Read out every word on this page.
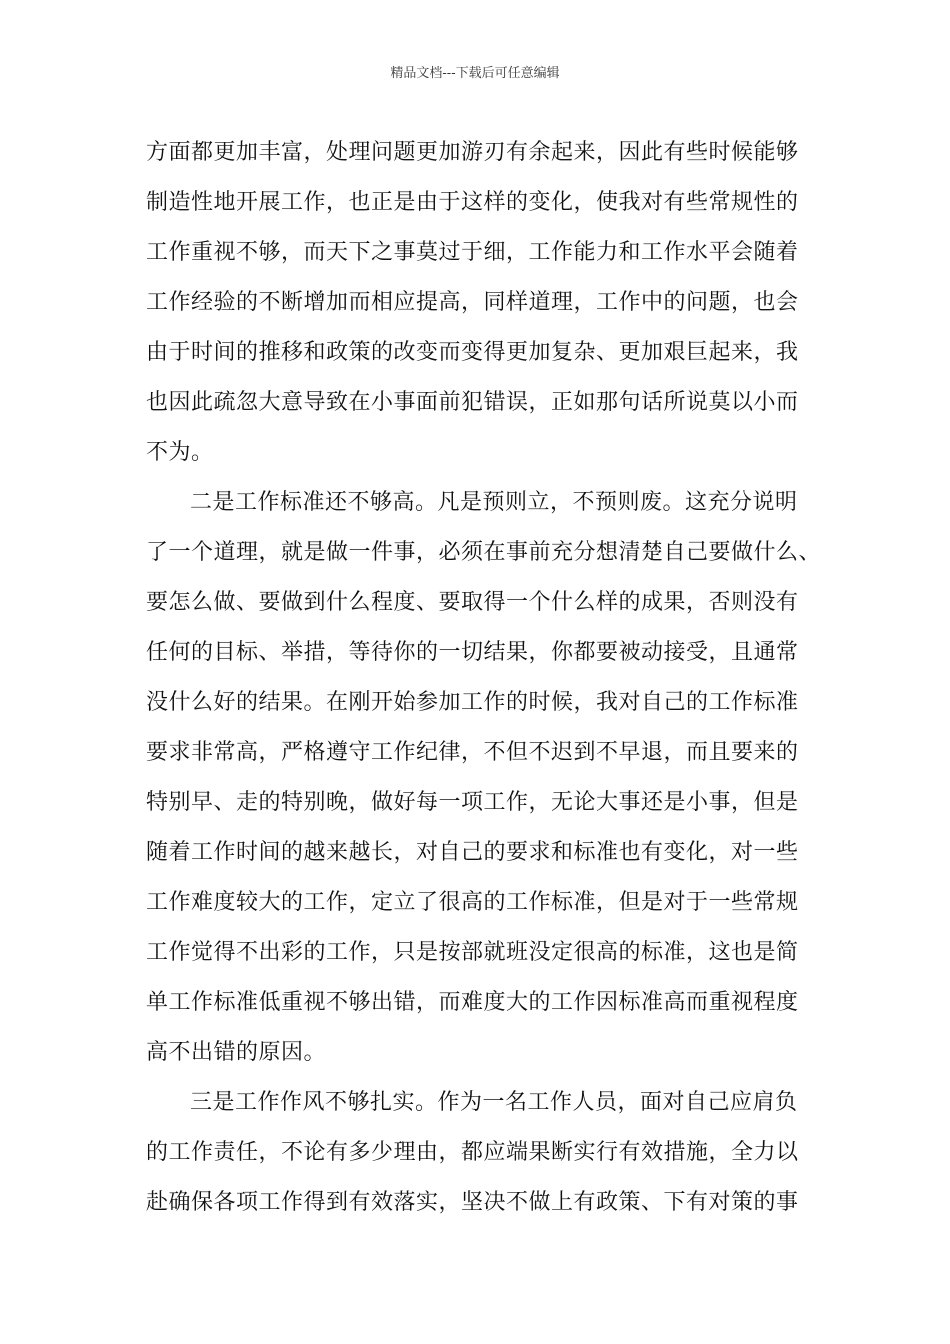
精品文档---下载后可任意编辑
方面都更加丰富，处理问题更加游刃有余起来，因此有些时候能够
制造性地开展工作，也正是由于这样的变化，使我对有些常规性的
工作重视不够，而天下之事莫过于细，工作能力和工作水平会随着
工作经验的不断增加而相应提高，同样道理，工作中的问题，也会
由于时间的推移和政策的改变而变得更加复杂、更加艰巨起来，我
也因此疏忽大意导致在小事面前犯错误，正如那句话所说莫以小而
不为。
二是工作标准还不够高。凡是预则立，不预则废。这充分说明
了一个道理，就是做一件事，必须在事前充分想清楚自己要做什么、
要怎么做、要做到什么程度、要取得一个什么样的成果，否则没有
任何的目标、举措，等待你的一切结果，你都要被动接受，且通常
没什么好的结果。在刚开始参加工作的时候，我对自己的工作标准
要求非常高，严格遵守工作纪律，不但不迟到不早退，而且要来的
特别早、走的特别晚，做好每一项工作，无论大事还是小事，但是
随着工作时间的越来越长，对自己的要求和标准也有变化，对一些
工作难度较大的工作，定立了很高的工作标准，但是对于一些常规
工作觉得不出彩的工作，只是按部就班没定很高的标准，这也是简
单工作标准低重视不够出错，而难度大的工作因标准高而重视程度
高不出错的原因。
三是工作作风不够扎实。作为一名工作人员，面对自己应肩负
的工作责任，不论有多少理由，都应端果断实行有效措施，全力以
赴确保各项工作得到有效落实，坚决不做上有政策、下有对策的事
